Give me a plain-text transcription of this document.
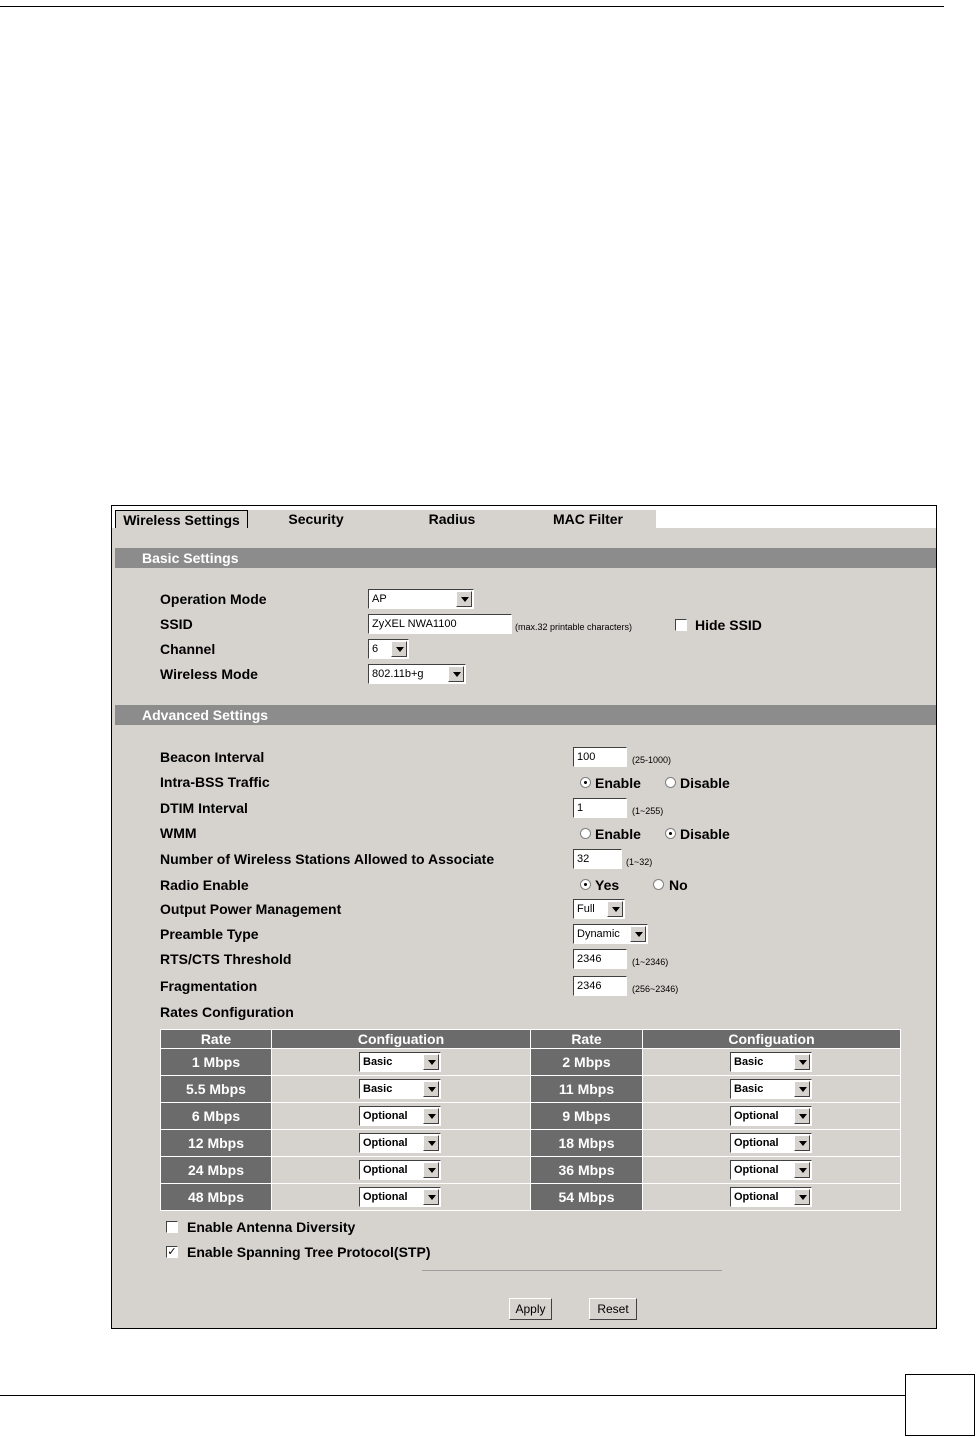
Wireless Settings	Security	Radius	MAC Filter
Basic Settings
Operation Mode	AP
SSID	ZyXEL NWA1100	(max.32 printable characters)	Hide SSID
Channel	6
Wireless Mode	802.11b+g
Advanced Settings
Beacon Interval	100	(25-1000)
Intra-BSS Traffic	Enable	Disable
DTIM Interval	1	(1~255)
WMM	Enable	Disable
Number of Wireless Stations Allowed to Associate	32	(1~32)
Radio Enable	Yes	No
Output Power Management	Full
Preamble Type	Dynamic
RTS/CTS Threshold	2346	(1~2346)
Fragmentation	2346	(256~2346)
Rates Configuration
Rate	Configuation	Rate	Configuation
1 Mbps	Basic	2 Mbps	Basic

5.5 Mbps	Basic	11 Mbps	Basic

6 Mbps	Optional	9 Mbps	Optional

12 Mbps	Optional	18 Mbps	Optional

24 Mbps	Optional	36 Mbps	Optional

48 Mbps	Optional	54 Mbps	Optional
Enable Antenna Diversity
✓ Enable Spanning Tree Protocol(STP)
Apply	Reset
